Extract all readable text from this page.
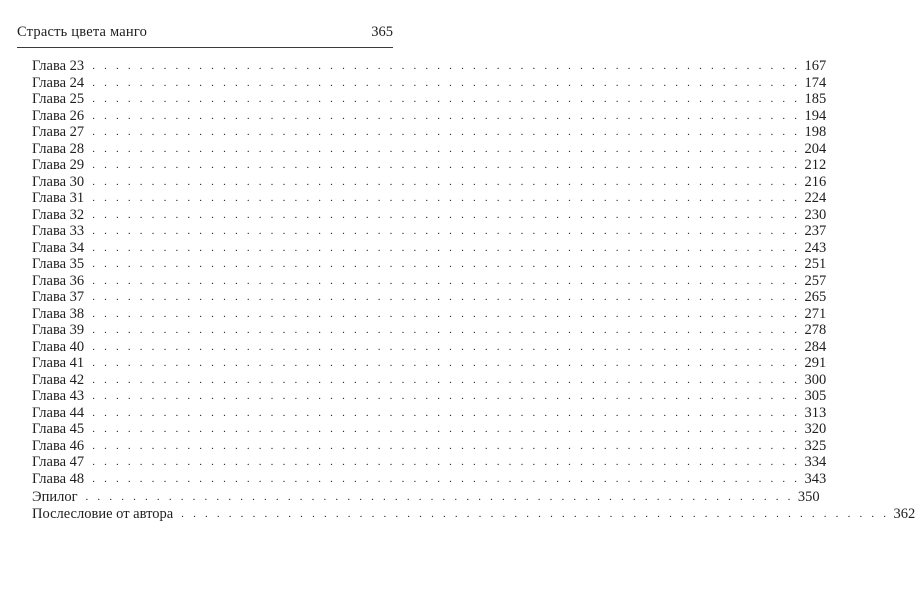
Страсть цвета манго	365
Глава 23 . . . . . . . . . . . . . . . . . . . . . . . . . . . . . . . . . . . . . . . . . . . . . . . . . . . . . . . . . . . . 167
Глава 24 . . . . . . . . . . . . . . . . . . . . . . . . . . . . . . . . . . . . . . . . . . . . . . . . . . . . . . . . . . . . 174
Глава 25 . . . . . . . . . . . . . . . . . . . . . . . . . . . . . . . . . . . . . . . . . . . . . . . . . . . . . . . . . . . . 185
Глава 26 . . . . . . . . . . . . . . . . . . . . . . . . . . . . . . . . . . . . . . . . . . . . . . . . . . . . . . . . . . . . 194
Глава 27 . . . . . . . . . . . . . . . . . . . . . . . . . . . . . . . . . . . . . . . . . . . . . . . . . . . . . . . . . . . . 198
Глава 28 . . . . . . . . . . . . . . . . . . . . . . . . . . . . . . . . . . . . . . . . . . . . . . . . . . . . . . . . . . . . 204
Глава 29 . . . . . . . . . . . . . . . . . . . . . . . . . . . . . . . . . . . . . . . . . . . . . . . . . . . . . . . . . . . . 212
Глава 30 . . . . . . . . . . . . . . . . . . . . . . . . . . . . . . . . . . . . . . . . . . . . . . . . . . . . . . . . . . . . 216
Глава 31 . . . . . . . . . . . . . . . . . . . . . . . . . . . . . . . . . . . . . . . . . . . . . . . . . . . . . . . . . . . . 224
Глава 32 . . . . . . . . . . . . . . . . . . . . . . . . . . . . . . . . . . . . . . . . . . . . . . . . . . . . . . . . . . . . 230
Глава 33 . . . . . . . . . . . . . . . . . . . . . . . . . . . . . . . . . . . . . . . . . . . . . . . . . . . . . . . . . . . . 237
Глава 34 . . . . . . . . . . . . . . . . . . . . . . . . . . . . . . . . . . . . . . . . . . . . . . . . . . . . . . . . . . . . 243
Глава 35 . . . . . . . . . . . . . . . . . . . . . . . . . . . . . . . . . . . . . . . . . . . . . . . . . . . . . . . . . . . . 251
Глава 36 . . . . . . . . . . . . . . . . . . . . . . . . . . . . . . . . . . . . . . . . . . . . . . . . . . . . . . . . . . . . 257
Глава 37 . . . . . . . . . . . . . . . . . . . . . . . . . . . . . . . . . . . . . . . . . . . . . . . . . . . . . . . . . . . . 265
Глава 38 . . . . . . . . . . . . . . . . . . . . . . . . . . . . . . . . . . . . . . . . . . . . . . . . . . . . . . . . . . . . 271
Глава 39 . . . . . . . . . . . . . . . . . . . . . . . . . . . . . . . . . . . . . . . . . . . . . . . . . . . . . . . . . . . . 278
Глава 40 . . . . . . . . . . . . . . . . . . . . . . . . . . . . . . . . . . . . . . . . . . . . . . . . . . . . . . . . . . . . 284
Глава 41 . . . . . . . . . . . . . . . . . . . . . . . . . . . . . . . . . . . . . . . . . . . . . . . . . . . . . . . . . . . . 291
Глава 42 . . . . . . . . . . . . . . . . . . . . . . . . . . . . . . . . . . . . . . . . . . . . . . . . . . . . . . . . . . . . 300
Глава 43 . . . . . . . . . . . . . . . . . . . . . . . . . . . . . . . . . . . . . . . . . . . . . . . . . . . . . . . . . . . . 305
Глава 44 . . . . . . . . . . . . . . . . . . . . . . . . . . . . . . . . . . . . . . . . . . . . . . . . . . . . . . . . . . . . 313
Глава 45 . . . . . . . . . . . . . . . . . . . . . . . . . . . . . . . . . . . . . . . . . . . . . . . . . . . . . . . . . . . . 320
Глава 46 . . . . . . . . . . . . . . . . . . . . . . . . . . . . . . . . . . . . . . . . . . . . . . . . . . . . . . . . . . . . 325
Глава 47 . . . . . . . . . . . . . . . . . . . . . . . . . . . . . . . . . . . . . . . . . . . . . . . . . . . . . . . . . . . . 334
Глава 48 . . . . . . . . . . . . . . . . . . . . . . . . . . . . . . . . . . . . . . . . . . . . . . . . . . . . . . . . . . . . 343
Эпилог . . . . . . . . . . . . . . . . . . . . . . . . . . . . . . . . . . . . . . . . . . . . . . . . . . . . . . . . . . . . 350
Послесловие от автора . . . . . . . . . . . . . . . . . . . . . . . . . . . . . . . . . . . . . . . . . . . . . . . . . . . . . . . . . . . . 362
